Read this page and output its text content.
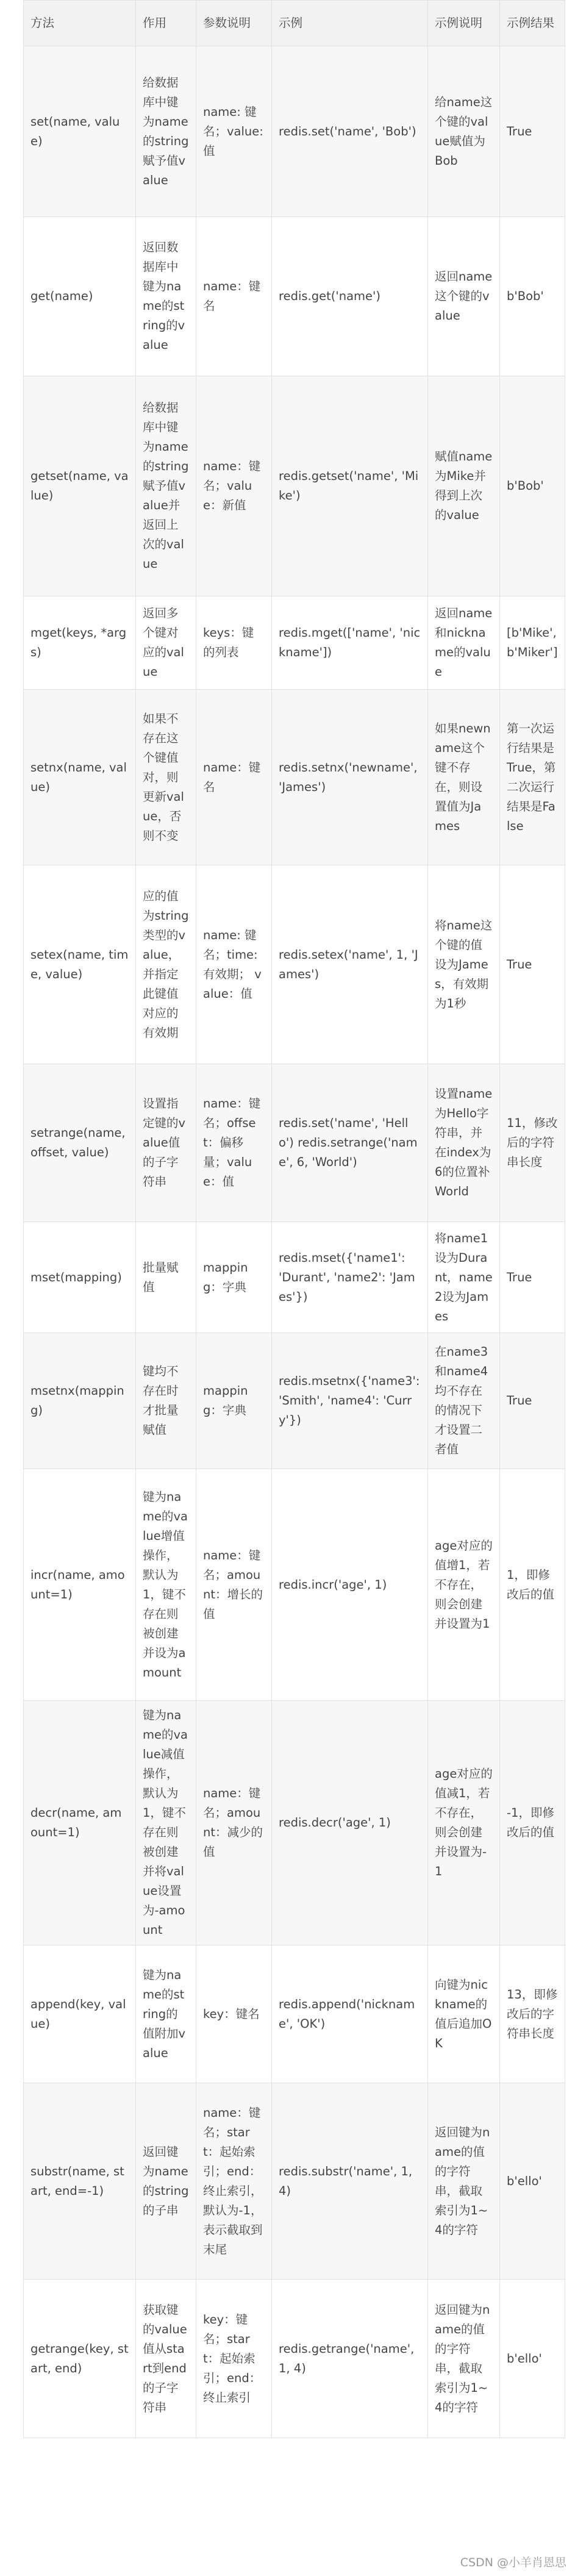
方法	作用	参数说明	示例	示例说明	示例结果
set(name, value)	给数据库中键为name的string赋予值value	name: 键名；value: 值	redis.set('name', 'Bob')	给name这个键的value赋值为Bob	True
get(name)	返回数据库中键为name的string的value	name：键名	redis.get('name')	返回name这个键的value	b'Bob'
getset(name, value)	给数据库中键为name的string赋予值value并返回上次的value	name：键名；value：新值	redis.getset('name', 'Mike')	赋值name为Mike并得到上次的value	b'Bob'
mget(keys, *args)	返回多个键对应的value	keys：键的列表	redis.mget(['name', 'nickname'])	返回name和nickname的value	[b'Mike', b'Miker']
setnx(name, value)	如果不存在这个键值对，则更新value，否则不变	name：键名	redis.setnx('newname', 'James')	如果newname这个键不存在，则设置值为James	第一次运行结果是True，第二次运行结果是False
setex(name, time, value)	应的值为string类型的value，并指定此键值对应的有效期	name: 键名；time: 有效期； value：值	redis.setex('name', 1, 'James')	将name这个键的值设为James，有效期为1秒	True
setrange(name, offset, value)	设置指定键的value值的子字符串	name：键名；offset：偏移量；value：值	redis.set('name', 'Hello') redis.setrange('name', 6, 'World')	设置name为Hello字符串，并在index为6的位置补World	11，修改后的字符串长度
mset(mapping)	批量赋值	mapping：字典	redis.mset({'name1': 'Durant', 'name2': 'James'})	将name1设为Durant，name2设为James	True
msetnx(mapping)	键均不存在时才批量赋值	mapping：字典	redis.msetnx({'name3': 'Smith', 'name4': 'Curry'})	在name3和name4均不存在的情况下才设置二者值	True
incr(name, amount=1)	键为name的value增值操作，默认为1，键不存在则被创建并设为amount	name：键名；amount：增长的值	redis.incr('age', 1)	age对应的值增1，若不存在，则会创建并设置为1	1，即修改后的值
decr(name, amount=1)	键为name的value减值操作，默认为1，键不存在则被创建并将value设置为-amount	name：键名；amount：减少的值	redis.decr('age', 1)	age对应的值减1，若不存在，则会创建并设置为-1	-1，即修改后的值
append(key, value)	键为name的string的值附加value	key：键名	redis.append('nickname', 'OK')	向键为nickname的值后追加OK	13，即修改后的字符串长度
substr(name, start, end=-1)	返回键为name的string的子串	name：键名；start：起始索引；end：终止索引，默认为-1，表示截取到末尾	redis.substr('name', 1, 4)	返回键为name的值的字符串，截取索引为1~4的字符	b'ello'
getrange(key, start, end)	获取键的value值从start到end的子字符串	key：键名；start：起始索引；end：终止索引	redis.getrange('name', 1, 4)	返回键为name的值的字符串，截取索引为1~4的字符	b'ello'
CSDN @小羊肖恩思
